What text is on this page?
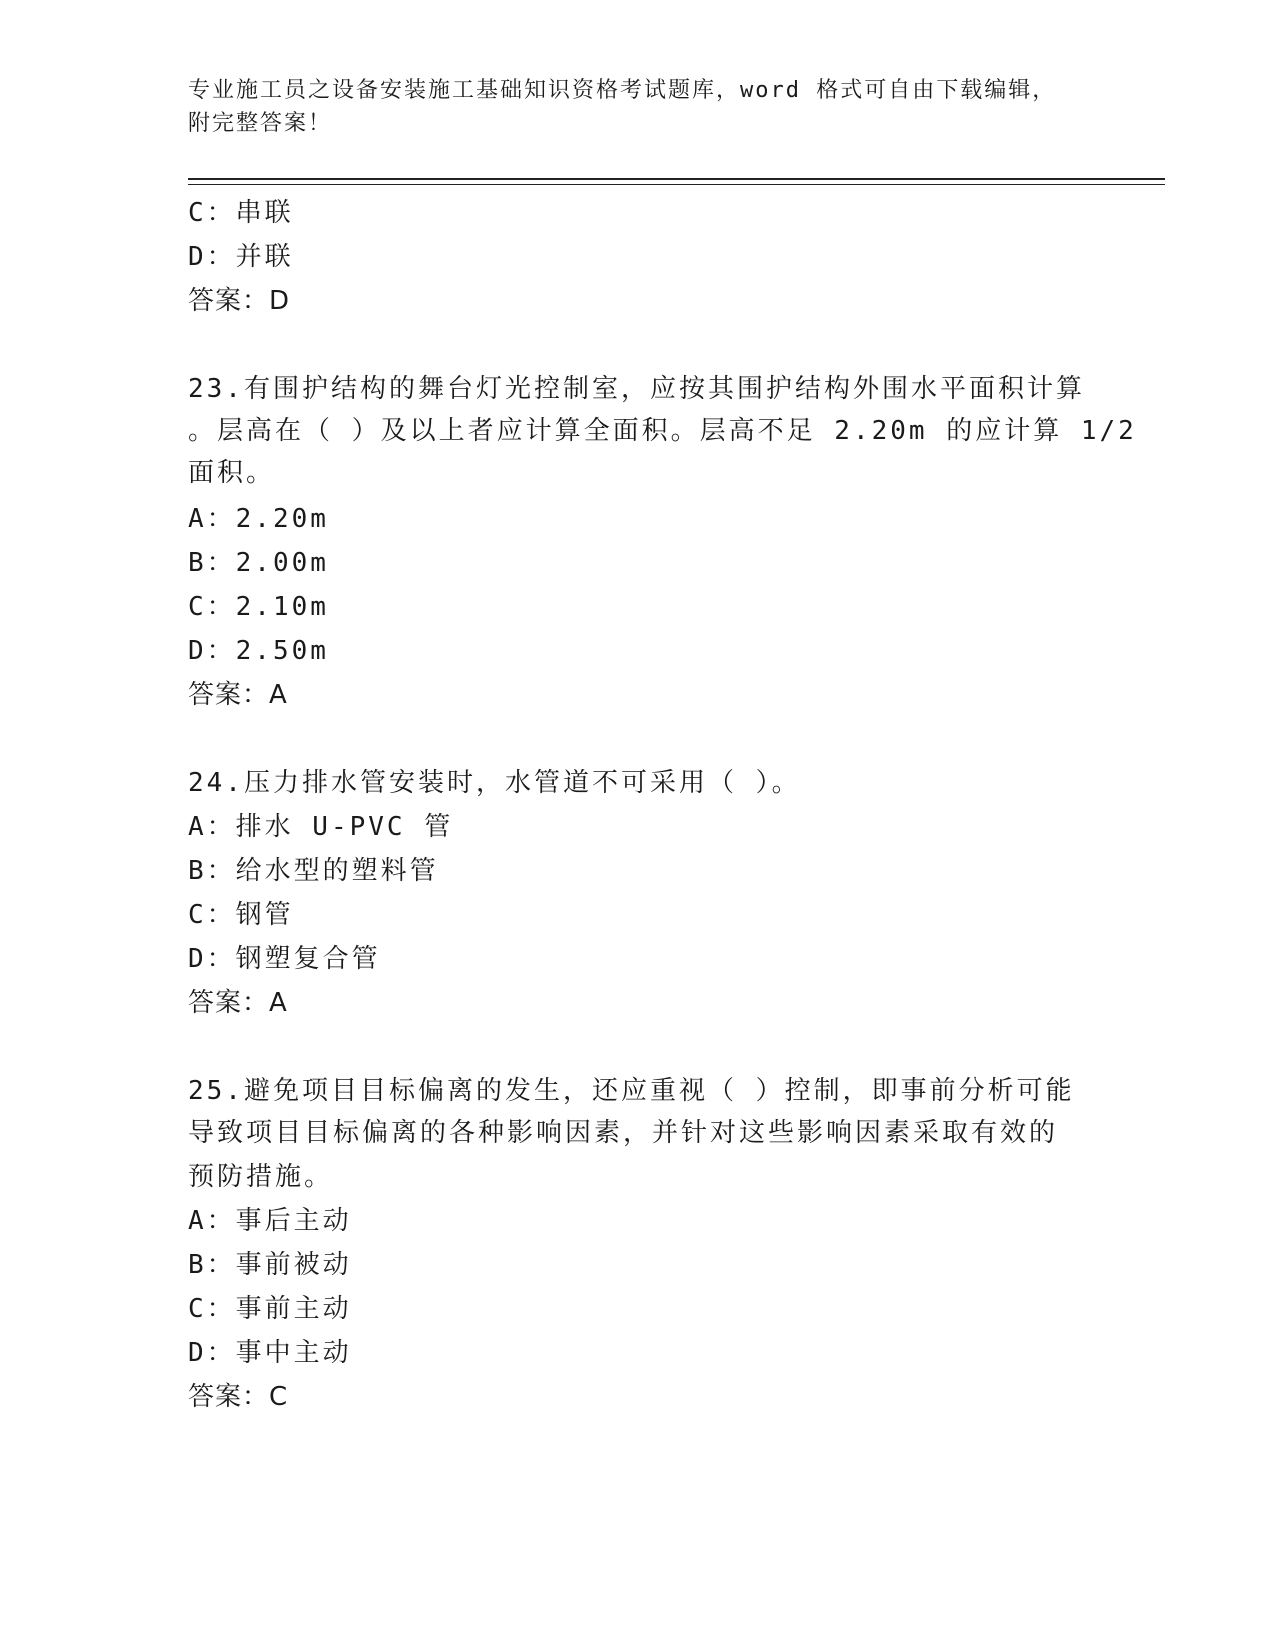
专业施工员之设备安装施工基础知识资格考试题库，word 格式可自由下载编辑，
附完整答案！
C：串联
D：并联
答案：D
23.有围护结构的舞台灯光控制室，应按其围护结构外围水平面积计算
。层高在（ ）及以上者应计算全面积。层高不足 2.20m 的应计算 1/2
面积。
A：2.20m
B：2.00m
C：2.10m
D：2.50m
答案：A
24.压力排水管安装时，水管道不可采用（ ）。
A：排水 U-PVC 管
B：给水型的塑料管
C：钢管
D：钢塑复合管
答案：A
25.避免项目目标偏离的发生，还应重视（ ）控制，即事前分析可能
导致项目目标偏离的各种影响因素，并针对这些影响因素采取有效的
预防措施。
A：事后主动
B：事前被动
C：事前主动
D：事中主动
答案：C
